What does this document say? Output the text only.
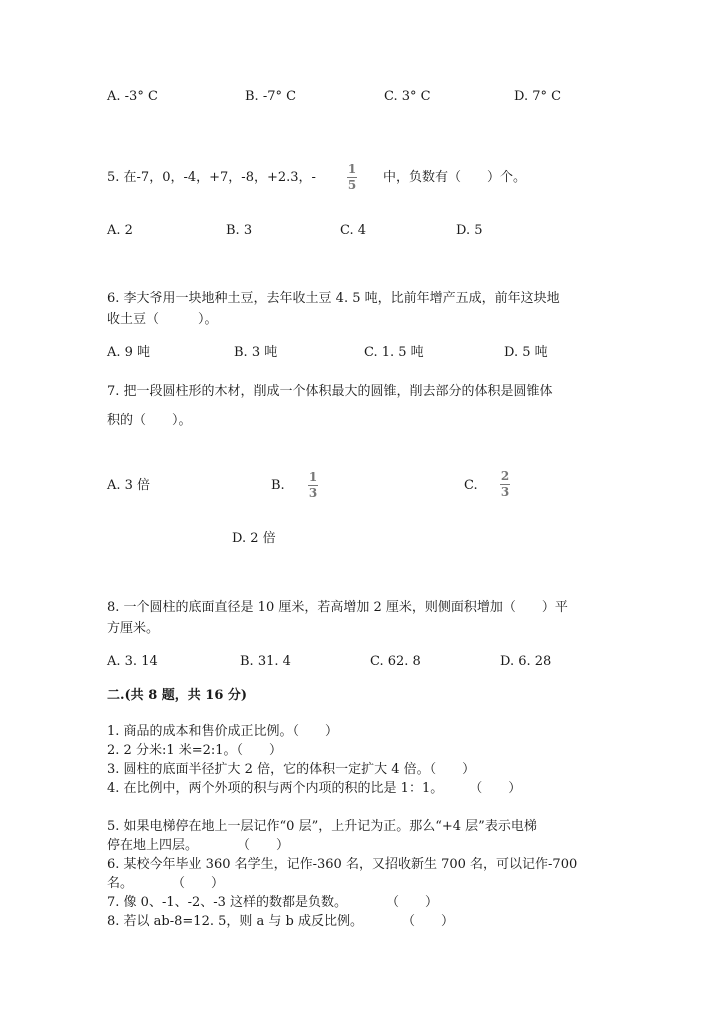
A. -3° C	B. -7° C	C. 3° C	D. 7° C
5. 在-7，0，-4，+7，-8，+2.3，-
1
5 中，负数有（　　）个。
A. 2	B. 3	C. 4	D. 5
6. 李大爷用一块地种土豆，去年收土豆 4. 5 吨，比前年增产五成，前年这块地
收土豆（　　　）。
A. 9 吨	B. 3 吨	C. 1. 5 吨	D. 5 吨
7. 把一段圆柱形的木材，削成一个体积最大的圆锥，削去部分的体积是圆锥体
积的（　　）。
A. 3 倍	B.
1
3	C.
2
3
D. 2 倍
8. 一个圆柱的底面直径是 10 厘米，若高增加 2 厘米，则侧面积增加（　　）平
方厘米。
A. 3. 14	B. 31. 4	C. 62. 8	D. 6. 28
二.(共 8 题，共 16 分)
1. 商品的成本和售价成正比例。（　　）
2. 2 分米:1 米=2:1。（　　）
3. 圆柱的底面半径扩大 2 倍，它的体积一定扩大 4 倍。（　　）
4. 在比例中，两个外项的积与两个内项的积的比是 1：1。　　　（　　）
5. 如果电梯停在地上一层记作“0 层”，上升记为正。那么“+4 层”表示电梯
停在地上四层。　　　　（　　）
6. 某校今年毕业 360 名学生，记作-360 名，又招收新生 700 名，可以记作-700
名。　　　　（　　）
7. 像 0、-1、-2、-3 这样的数都是负数。　　　　（　　）
8. 若以 ab-8=12. 5，则 a 与 b 成反比例。　　　　（　　）
